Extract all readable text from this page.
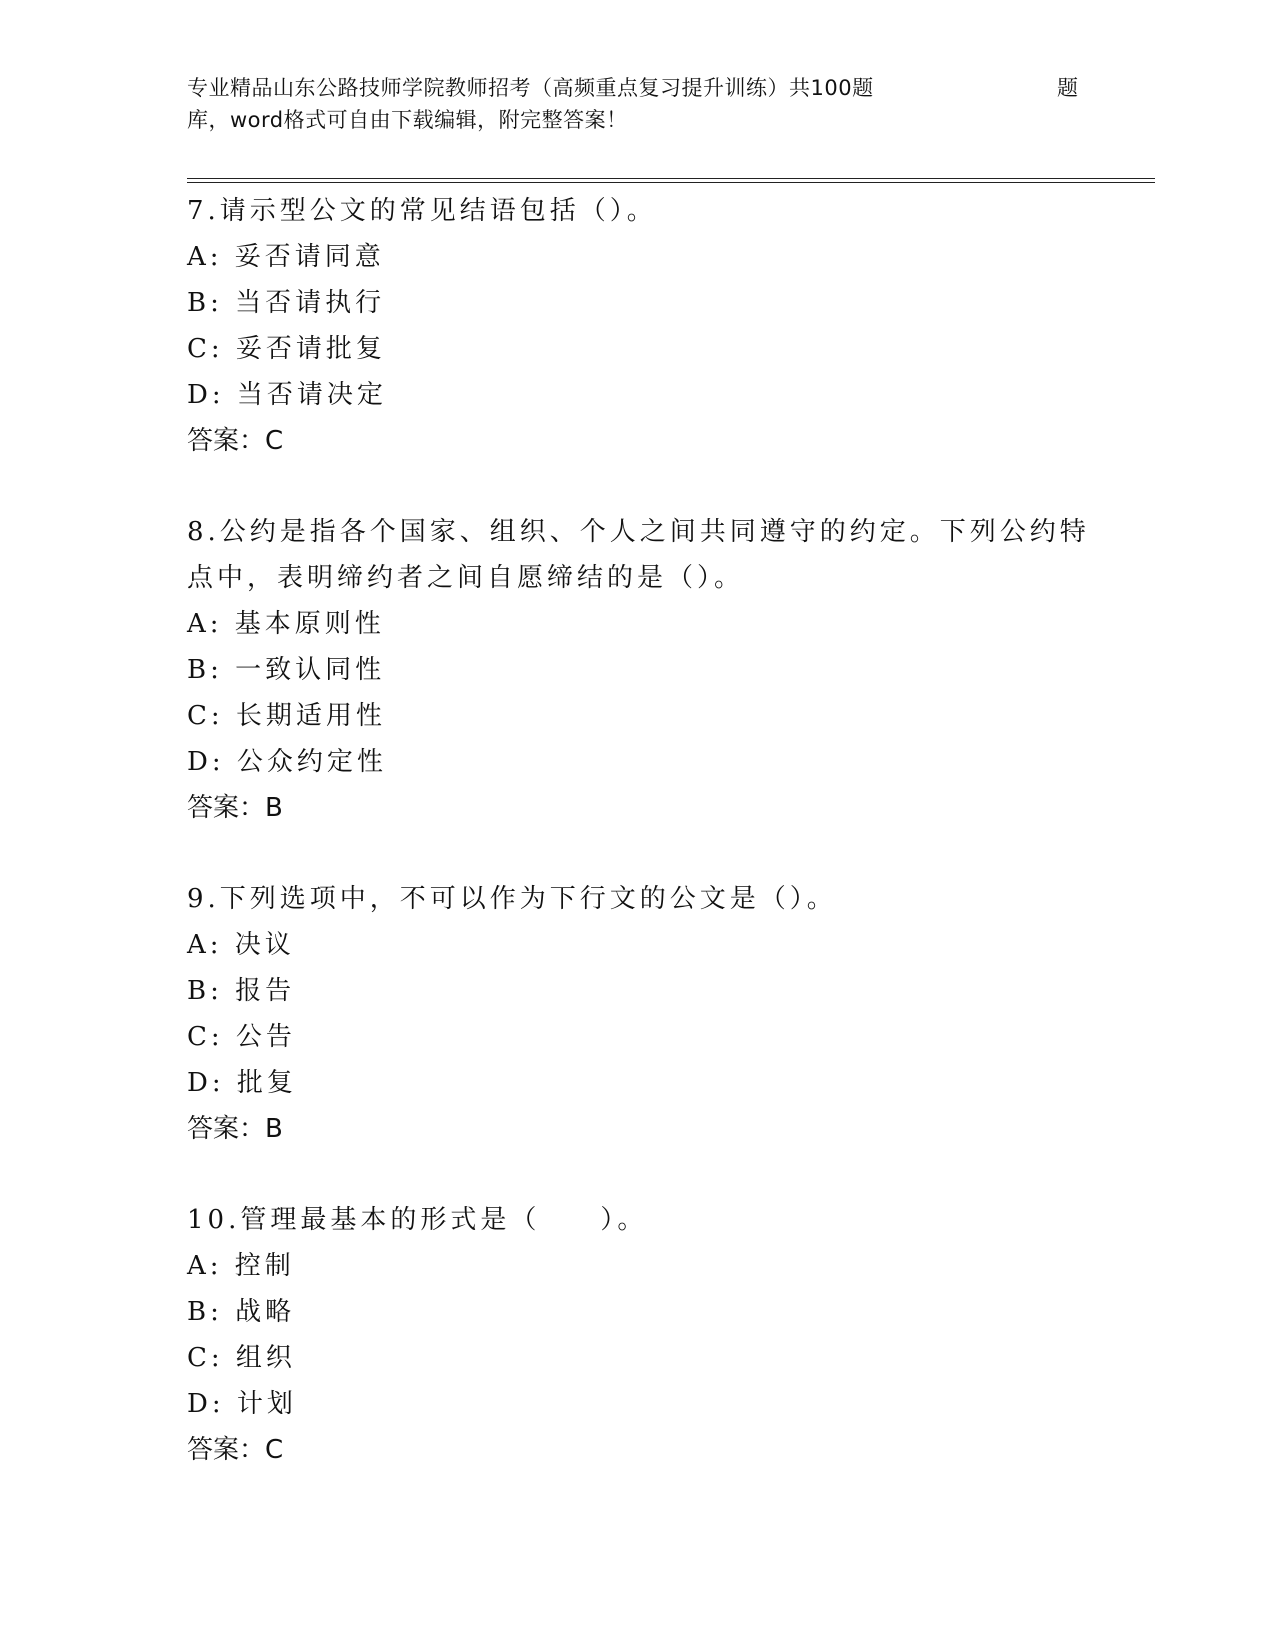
专业精品山东公路技师学院教师招考（高频重点复习提升训练）共100题	题
库，word格式可自由下载编辑，附完整答案！
7.请示型公文的常见结语包括（）。
A: 妥否请同意
B: 当否请执行
C: 妥否请批复
D: 当否请决定
答案：C
8.公约是指各个国家、组织、个人之间共同遵守的约定。下列公约特
点中，表明缔约者之间自愿缔结的是（）。
A: 基本原则性
B: 一致认同性
C: 长期适用性
D: 公众约定性
答案：B
9.下列选项中，不可以作为下行文的公文是（）。
A: 决议
B: 报告
C: 公告
D: 批复
答案：B
10.管理最基本的形式是（　　）。
A: 控制
B: 战略
C: 组织
D: 计划
答案：C
